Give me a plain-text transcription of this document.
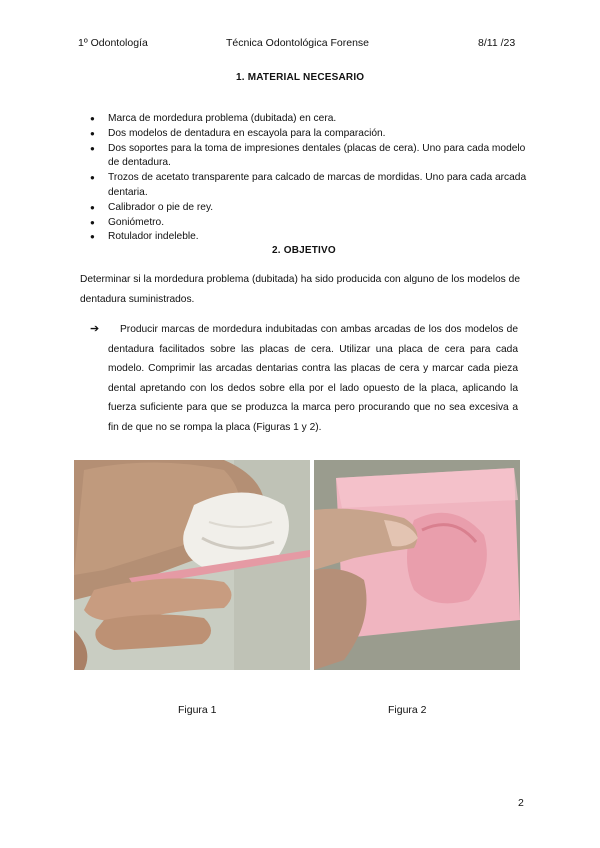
1º Odontología	Técnica Odontológica Forense	8/11 /23
1. MATERIAL NECESARIO
● Marca de mordedura problema (dubitada) en cera.
● Dos modelos de dentadura en escayola para la comparación.
● Dos soportes para la toma de impresiones dentales (placas de cera). Uno para cada modelo de dentadura.
● Trozos de acetato transparente para calcado de marcas de mordidas. Uno para cada arcada dentaria.
● Calibrador o pie de rey.
● Goniómetro.
● Rotulador indeleble.
2. OBJETIVO
Determinar si la mordedura problema (dubitada) ha sido producida con alguno de los modelos de dentadura suministrados.
➔	Producir marcas de mordedura indubitadas con ambas arcadas de los dos modelos de dentadura facilitados sobre las placas de cera. Utilizar una placa de cera para cada modelo. Comprimir las arcadas dentarias contra las placas de cera y marcar cada pieza dental apretando con los dedos sobre ella por el lado opuesto de la placa, aplicando la fuerza suficiente para que se produzca la marca pero procurando que no sea excesiva a fin de que no se rompa la placa (Figuras 1 y 2).
Figura 1	Figura 2
2
